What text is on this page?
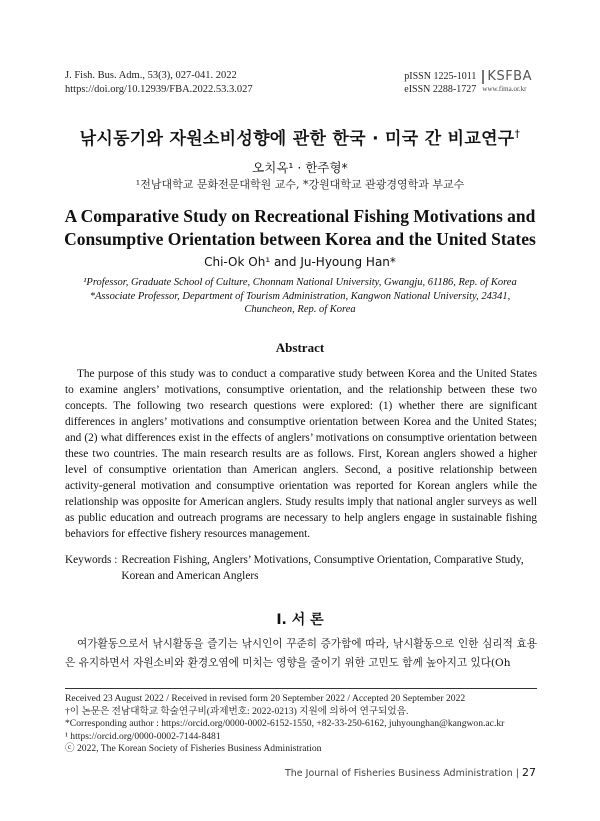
J. Fish. Bus. Adm., 53(3), 027-041. 2022
https://doi.org/10.12939/FBA.2022.53.3.027
pISSN 1225-1011
eISSN 2288-1727
KSFBA
www.fima.or.kr
낚시동기와 자원소비성향에 관한 한국 · 미국 간 비교연구†
오치옥¹ · 한주형*
¹전남대학교 문화전문대학원 교수, *강원대학교 관광경영학과 부교수
A Comparative Study on Recreational Fishing Motivations and
Consumptive Orientation between Korea and the United States
Chi-Ok Oh¹ and Ju-Hyoung Han*
¹Professor, Graduate School of Culture, Chonnam National University, Gwangju, 61186, Rep. of Korea
*Associate Professor, Department of Tourism Administration, Kangwon National University, 24341, Chuncheon, Rep. of Korea
Abstract
The purpose of this study was to conduct a comparative study between Korea and the United States to examine anglers’ motivations, consumptive orientation, and the relationship between these two concepts. The following two research questions were explored: (1) whether there are significant differences in anglers’ motivations and consumptive orientation between Korea and the United States; and (2) what differences exist in the effects of anglers’ motivations on consumptive orientation between these two countries. The main research results are as follows. First, Korean anglers showed a higher level of consumptive orientation than American anglers. Second, a positive relationship between activity-general motivation and consumptive orientation was reported for Korean anglers while the relationship was opposite for American anglers. Study results imply that national angler surveys as well as public education and outreach programs are necessary to help anglers engage in sustainable fishing behaviors for effective fishery resources management.
Keywords : Recreation Fishing, Anglers’ Motivations, Consumptive Orientation, Comparative Study, Korean and American Anglers
I. 서 론
여가활동으로서 낚시활동을 즐기는 낚시인이 꾸준히 증가함에 따라, 낚시활동으로 인한 심리적 효용은 유지하면서 자원소비와 환경오염에 미치는 영향을 줄이기 위한 고민도 함께 높아지고 있다(Oh
Received 23 August 2022 / Received in revised form 20 September 2022 / Accepted 20 September 2022
†이 논문은 전남대학교 학술연구비(과제번호: 2022-0213) 지원에 의하여 연구되었음.
*Corresponding author : https://orcid.org/0000-0002-6152-1550, +82-33-250-6162, juhyounghan@kangwon.ac.kr
¹ https://orcid.org/0000-0002-7144-8481
ⓒ 2022, The Korean Society of Fisheries Business Administration
The Journal of Fisheries Business Administration | 27
